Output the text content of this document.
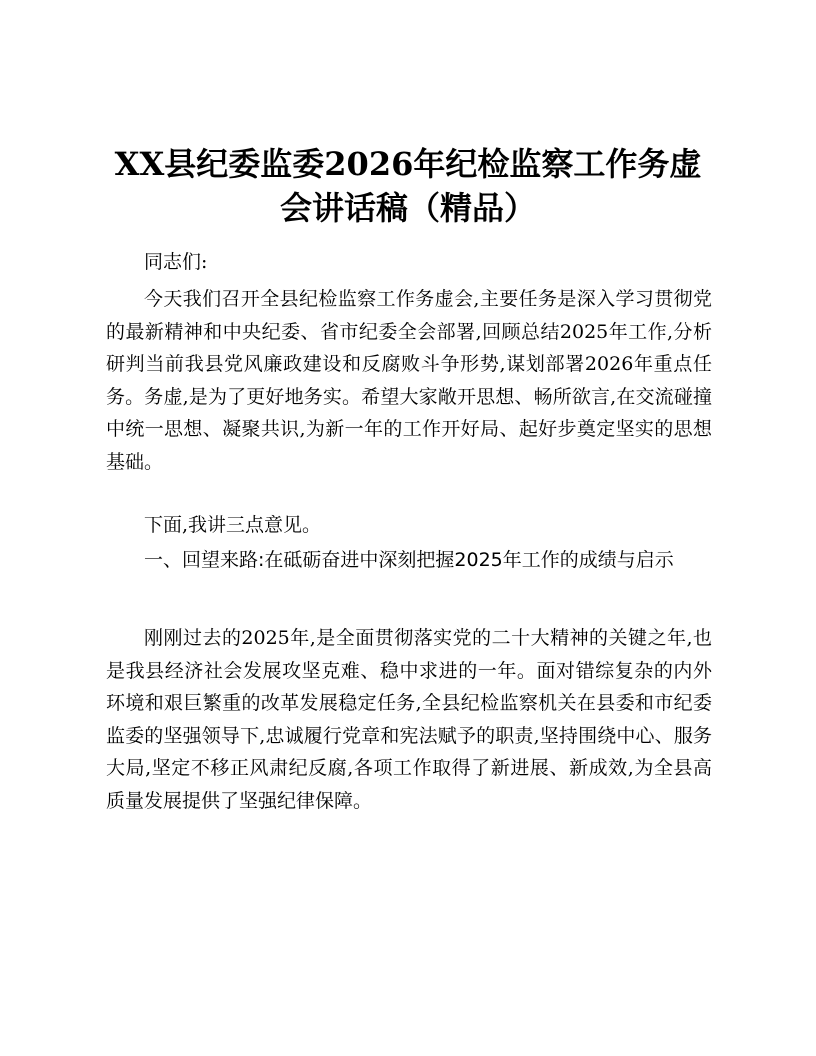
XX县纪委监委2026年纪检监察工作务虚会讲话稿（精品）

同志们:

今天我们召开全县纪检监察工作务虚会,主要任务是深入学习贯彻党的最新精神和中央纪委、省市纪委全会部署,回顾总结2025年工作,分析研判当前我县党风廉政建设和反腐败斗争形势,谋划部署2026年重点任务。务虚,是为了更好地务实。希望大家敞开思想、畅所欲言,在交流碰撞中统一思想、凝聚共识,为新一年的工作开好局、起好步奠定坚实的思想基础。

下面,我讲三点意见。

一、回望来路:在砥砺奋进中深刻把握2025年工作的成绩与启示

刚刚过去的2025年,是全面贯彻落实党的二十大精神的关键之年,也是我县经济社会发展攻坚克难、稳中求进的一年。面对错综复杂的内外环境和艰巨繁重的改革发展稳定任务,全县纪检监察机关在县委和市纪委监委的坚强领导下,忠诚履行党章和宪法赋予的职责,坚持围绕中心、服务大局,坚定不移正风肃纪反腐,各项工作取得了新进展、新成效,为全县高质量发展提供了坚强纪律保障。
